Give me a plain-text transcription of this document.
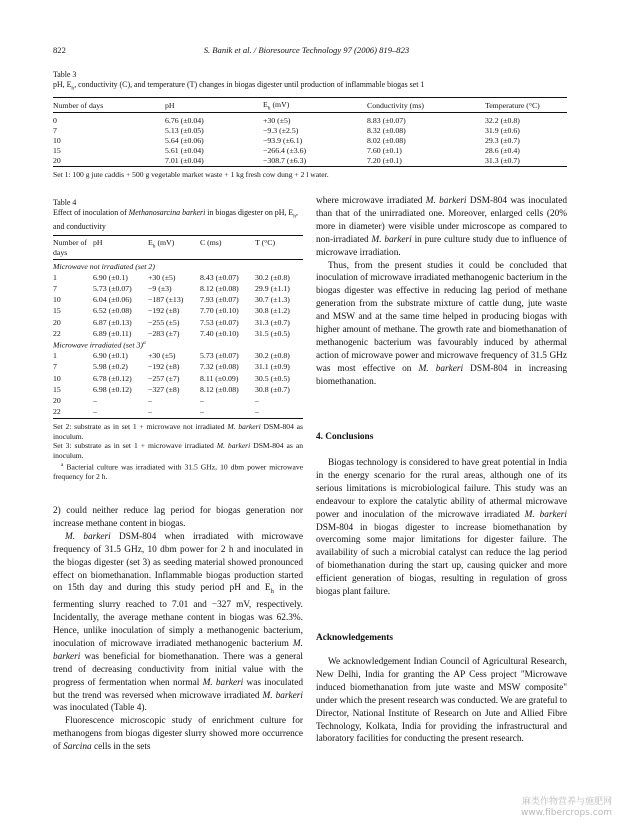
822	S. Banik et al. / Bioresource Technology 97 (2006) 819–823
Table 3
pH, $E_h$, conductivity (C), and temperature (T) changes in biogas digester until production of inflammable biogas set 1
Number of days	pH	$E_h$ (mV)	Conductivity (ms)	Temperature (°C)
0	6.76 (±0.04)	+30 (±5)	8.83 (±0.07)	32.2 (±0.8)
7	5.13 (±0.05)	−9.3 (±2.5)	8.32 (±0.08)	31.9 (±0.6)
10	5.64 (±0.06)	−93.9 (±6.1)	8.02 (±0.08)	29.3 (±0.7)
15	5.61 (±0.04)	−266.4 (±3.6)	7.60 (±0.1)	28.6 (±0.4)
20	7.01 (±0.04)	−308.7 (±6.3)	7.20 (±0.1)	31.3 (±0.7)
Set 1: 100 g jute caddis + 500 g vegetable market waste + 1 kg fresh cow dung + 2 l water.
Table 4
Effect of inoculation of Methanosarcina barkeri in biogas digester on pH, $E_h$, and conductivity
Number of days	pH	$E_h$ (mV)	C (ms)	T (°C)
Microwave not irradiated (set 2)				
1	6.90 (±0.1)	+30 (±5)	8.43 (±0.07)	30.2 (±0.8)
7	5.73 (±0.07)	−9 (±3)	8.12 (±0.08)	29.9 (±1.1)
10	6.04 (±0.06)	−187 (±13)	7.93 (±0.07)	30.7 (±1.3)
15	6.52 (±0.08)	−192 (±8)	7.70 (±0.10)	30.8 (±1.2)
20	6.87 (±0.13)	−255 (±5)	7.53 (±0.07)	31.3 (±0.7)
22	6.89 (±0.11)	−283 (±7)	7.40 (±0.10)	31.5 (±0.5)
Microwave irradiated (set 3)$^a$
1	6.90 (±0.1)	+30 (±5)	5.73 (±0.07)	30.2 (±0.8)
7	5.98 (±0.2)	−192 (±8)	7.32 (±0.08)	31.1 (±0.9)
10	6.78 (±0.12)	−257 (±7)	8.11 (±0.09)	30.5 (±0.5)
15	6.98 (±0.12)	−327 (±8)	8.12 (±0.08)	30.8 (±0.7)
20	–	–	–	–
22	–	–	–	–
Set 2: substrate as in set 1 + microwave not irradiated M. barkeri DSM-804 as inoculum.
Set 3: substrate as in set 1 + microwave irradiated M. barkeri DSM-804 as an inoculum.
$^a$ Bacterial culture was irradiated with 31.5 GHz, 10 dbm power microwave frequency for 2 h.

2) could neither reduce lag period for biogas generation nor increase methane content in biogas.

M. barkeri DSM-804 when irradiated with microwave frequency of 31.5 GHz, 10 dbm power for 2 h and inoculated in the biogas digester (set 3) as seeding material showed pronounced effect on biomethanation. Inflammable biogas production started on 15th day and during this study period pH and $E_h$ in the fermenting slurry reached to 7.01 and −327 mV, respectively. Incidentally, the average methane content in biogas was 62.3%. Hence, unlike inoculation of simply a methanogenic bacterium, inoculation of microwave irradiated methanogenic bacterium M. barkeri was beneficial for biomethanation. There was a general trend of decreasing conductivity from initial value with the progress of fermentation when normal M. barkeri was inoculated but the trend was reversed when microwave irradiated M. barkeri was inoculated (Table 4).

Fluorescence microscopic study of enrichment culture for methanogens from biogas digester slurry showed more occurrence of Sarcina cells in the sets

where microwave irradiated M. barkeri DSM-804 was inoculated than that of the unirradiated one. Moreover, enlarged cells (20% more in diameter) were visible under microscope as compared to non-irradiated M. barkeri in pure culture study due to influence of microwave irradiation.

Thus, from the present studies it could be concluded that inoculation of microwave irradiated methanogenic bacterium in the biogas digester was effective in reducing lag period of methane generation from the substrate mixture of cattle dung, jute waste and MSW and at the same time helped in producing biogas with higher amount of methane. The growth rate and biomethanation of methanogenic bacterium was favourably induced by athermal action of microwave power and microwave frequency of 31.5 GHz was most effective on M. barkeri DSM-804 in increasing biomethanation.

4. Conclusions

Biogas technology is considered to have great potential in India in the energy scenario for the rural areas, although one of its serious limitations is microbiological failure. This study was an endeavour to explore the catalytic ability of athermal microwave power and inoculation of the microwave irradiated M. barkeri DSM-804 in biogas digester to increase biomethanation by overcoming some major limitations for digester failure. The availability of such a microbial catalyst can reduce the lag period of biomethanation during the start up, causing quicker and more efficient generation of biogas, resulting in regulation of gross biogas plant failure.

Acknowledgements

We acknowledgement Indian Council of Agricultural Research, New Delhi, India for granting the AP Cess project "Microwave induced biomethanation from jute waste and MSW composite" under which the present research was conducted. We are grateful to Director, National Institute of Research on Jute and Allied Fibre Technology, Kolkata, India for providing the infrastructural and laboratory facilities for conducting the present research.

麻类作物营养与施肥网
www.fibercrops.com
